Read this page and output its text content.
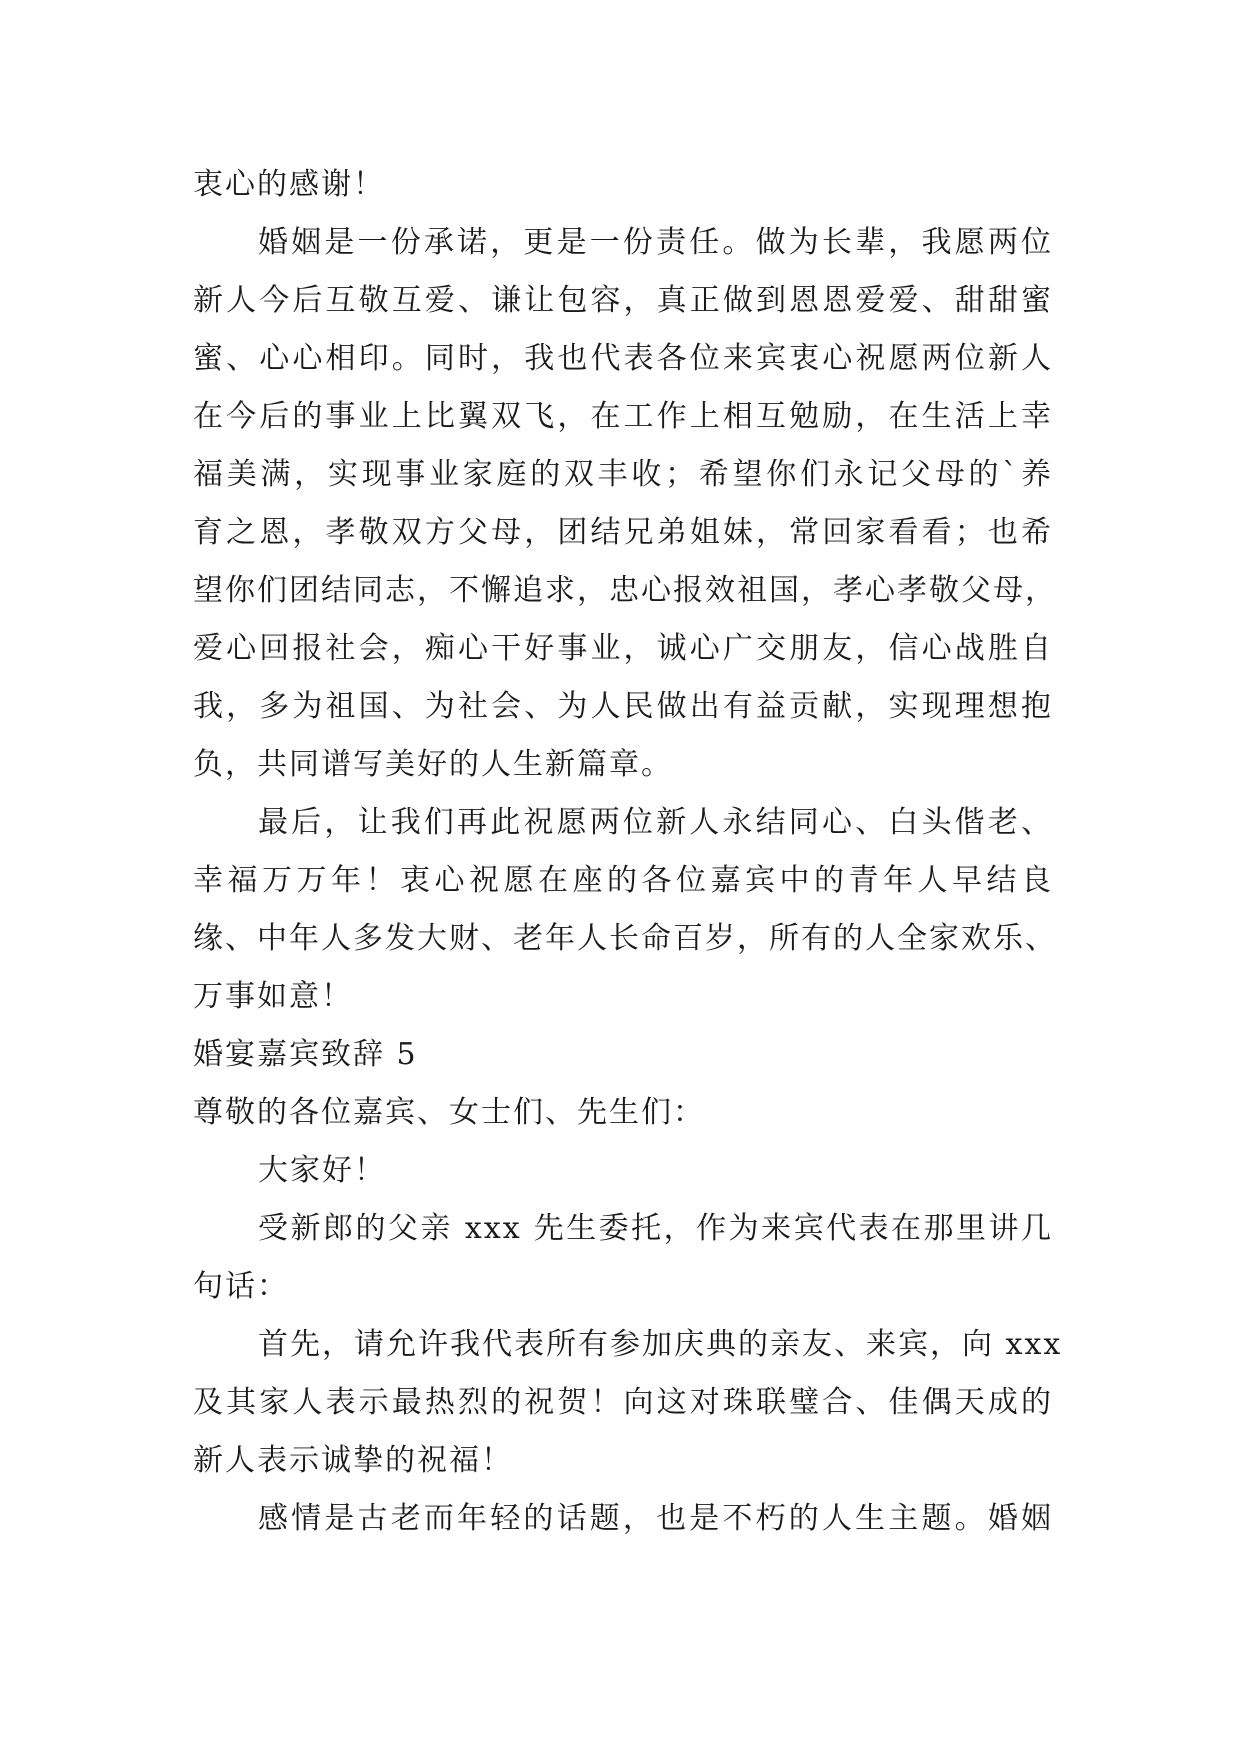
衷心的感谢！
婚姻是一份承诺，更是一份责任。做为长辈，我愿两位
新人今后互敬互爱、谦让包容，真正做到恩恩爱爱、甜甜蜜
蜜、心心相印。同时，我也代表各位来宾衷心祝愿两位新人
在今后的事业上比翼双飞，在工作上相互勉励，在生活上幸
福美满，实现事业家庭的双丰收；希望你们永记父母的`养
育之恩，孝敬双方父母，团结兄弟姐妹，常回家看看；也希
望你们团结同志，不懈追求，忠心报效祖国，孝心孝敬父母，
爱心回报社会，痴心干好事业，诚心广交朋友，信心战胜自
我，多为祖国、为社会、为人民做出有益贡献，实现理想抱
负，共同谱写美好的人生新篇章。
最后，让我们再此祝愿两位新人永结同心、白头偕老、
幸福万万年！衷心祝愿在座的各位嘉宾中的青年人早结良
缘、中年人多发大财、老年人长命百岁，所有的人全家欢乐、
万事如意！
婚宴嘉宾致辞 5
尊敬的各位嘉宾、女士们、先生们：
大家好！
受新郎的父亲 xxx 先生委托，作为来宾代表在那里讲几
句话：
首先，请允许我代表所有参加庆典的亲友、来宾，向 xxx
及其家人表示最热烈的祝贺！向这对珠联璧合、佳偶天成的
新人表示诚挚的祝福！
感情是古老而年轻的话题，也是不朽的人生主题。婚姻
